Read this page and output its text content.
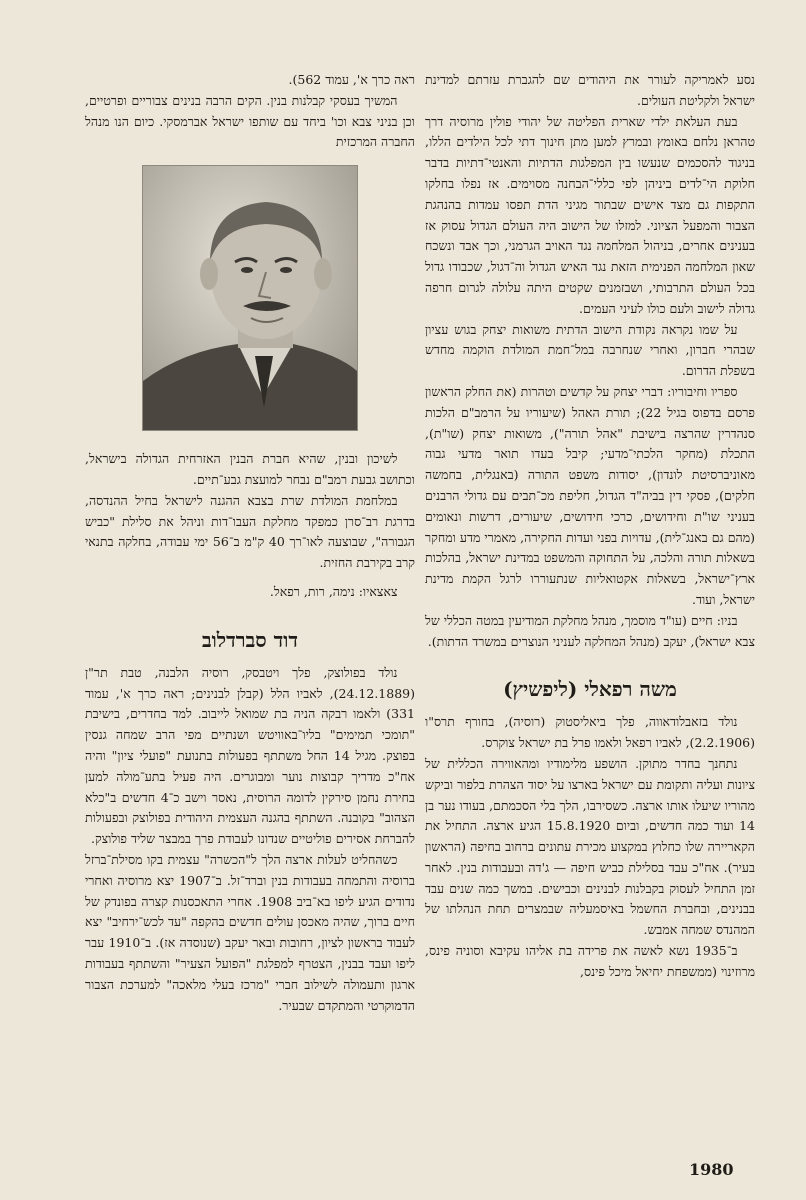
נסע לאמריקה לעורר את היהודים שם להגברת עזרתם למדינת ישראל ולקליטת העולים.

בעת העלאת ילדי שארית הפליטה של יהודי פולין מרוסיה דרך טהראן נלחם באומץ ובמרץ למען מתן חינוך דתי לכל הילדים הללו, בניגוד להסכמים שנעשו בין המפלגות הדתיות והאנטי־דתיות בדבר חלוקת הי־לדים ביניהן לפי כללי־הבחנה מסוימים. אז נפלו בחלקו התקפות גם מצד אישים שבתור מגיני הדת תפסו עמדות בהנהגת הצבור והמפעל הציוני. למזלו של הישוב היה העולם הגדול עסוק אז בענינים אחרים, בניהול המלחמה נגד האויב הגרמני, וכך אבד ונשכח שאון המלחמה הפנימית הזאת נגד האיש הגדול וה־דגול, שכבודו גדול בכל העולם התרבותי, ושבזמנים שקטים היתה עלולה לגרום חרפה גדולה לישוב ולעם כולו לעיני העמים.

על שמו נקראה נקודת הישוב הדתית משואות יצחק בגוש עציון שבהרי חברון, ואחרי שנחרבה במל־חמת המולדת הוקמה מחדש בשפלת הדרום.

ספריו וחיבוריו: דברי יצחק על קדשים וטהרות (את החלק הראשון פרסם בדפוס בגיל 22); תורת האהל (שיעוריו על הרמב"ם הלכות סנהדרין שהרצה בישיבת "אהל תורה"), משואות יצחק (שו"ת), התכלת (מחקר הלכתי־מדעי; קיבל בעדו תואר מדעי גבוה מאוניברסיטת לונדון), יסודות משפט התורה (באנגלית, בחמשה חלקים), פסקי דין בביה"ד הגדול, חליפת מכ־תבים עם גדולי הרבנים בעניני שו"ת וחידושים, כרכי חידושים, שיעורים, דרשות ונאומים (מהם גם באנג־לית), עדויות בפני ועדות החקירה, מאמרי מדע ומחקר בשאלות תורה והלכה, על התחוקה והמשפט במדינת ישראל, בהלכות ארץ־ישראל, בשאלות אקטואליות שנתעוררו לרגל הקמת מדינת ישראל, ועוד.

בניו: חיים (עו"ד מוסמך, מנהל מחלקת המודיעין במטה הכללי של צבא ישראל), יעקב (מנהל המחלקה לעניני הנוצרים במשרד הדתות).

משה רפאלי (ליפשיץ)

נולד בזאבלודאווה, פלך ביאליסטוק (רוסיה), בחורף תרס"ו (2.2.1906), לאביו רפאל ולאמו פרל בת ישראל צוקרס.

נתחנך בחדר מתוקן. הושפע מלימודיו ומהאווירה הכללית של ציונות ועליה ותקומת עם ישראל בארצו על יסוד הצהרת בלפור וביקש מהוריו שיעלו אותו ארצה. כשסירבו, הלך בלי הסכמתם, בעודו נער בן 14 ועוד כמה חדשים, וביום 15.8.1920 הגיע ארצה. התחיל את הקאריירה שלו כחלוץ במקצוע מכירת עתונים ברחוב בחיפה (הראשון בעיר). אח"כ עבד בסלילת כביש חיפה — ג'דה ובעבודות בנין. לאחר זמן התחיל לעסוק בקבלנות לבנינים וכבישים. במשך כמה שנים עבד בבנינים, ובחברת החשמל באיסמעליה שבמצרים תחת הנהלתו של המהנדס שמחה אמבש.

ב־1935 נשא לאשה את פרידה בת אליהו עקיבא וסוניה פינס, מרוזינוי (ממשפחת יחיאל מיכל פינס,

ראה כרך א', עמוד 562).

המשיך בעסקי קבלנות בנין. הקים הרבה בנינים צבוריים ופרטיים, וכן בניני צבא וכו' ביחד עם שותפו ישראל אברמסקי. כיום הנו מנהל החברה המרכזית

לשיכון ובנין, שהיא חברת הבנין האזרחית הגדולה בישראל, וכתושב גבעת רמב"ם נבחר למועצת גבע־תיים.

במלחמת המולדת שרת בצבא ההגנה לישראל בחיל ההנדסה, בדרגת רב־סרן כמפקד מחלקת העבו־דות וניהל את סלילת "כביש הגבורה", שבוצעה לאו־רך 40 ק"מ ב־56 ימי עבודה, בחלקה בתנאי קרב בקירבת החזית.

צאצאיו: נימה, רות, רפאל.

דוד סברדלוב

נולד בפולוצק, פלך ויטבסק, רוסיה הלבנה, טבת תר"ן (24.12.1889), לאביו הלל (קבלן לבנינים; ראה כרך א', עמוד 331) ולאמו רבקה הניה בת שמואל לייבוב. למד בחדרים, בישיבת "תומכי תמימים" בליו־באוויטש ושנתיים מפי הרב שמחה גנסין בפוצק. מגיל 14 החל משתתף בפעולות בתנועת "פועלי ציון" והיה אח"כ מדריך קבוצות נוער ומבוגרים. היה פעיל בתע־מולה למען בחירת נחמן סירקין לדומה הרוסית, נאסר וישב כ־4 חדשים ב"כלא הצהוב" בקובנה. השתתף בהגנה העצמית היהודית בפולוצק ובפעולות להברחת אסירים פוליטיים שנדונו לעבודת פרך במבצר שליד פולוצק.

כשהחליט לעלות ארצה הלך ל"הכשרה" עצמית בקו מסילת־ברזל ברוסיה והתמחה בעבודות בנין וברד־זל. ב־1907 יצא מרוסיה ואחרי נדודים הגיע ליפו בא־ביב 1908. אחרי התאכסנות קצרה בפונדק של חיים ברוך, שהיה מאכסן עולים חדשים בהקפה "עד לכש־ירחיב" יצא לעבוד בראשון לציון, רחובות ובאר יעקב (שנוסדה אז). ב־1910 עבר ליפו ועבד בבנין, הצטרף למפלגת "הפועל הצעיר" והשתתף בעבודות ארגון ותעמולה לשילוב חברי "מרכז בעלי מלאכה" למערכת הצבור הדמוקרטי והמתקדם שבעיר.

1980
